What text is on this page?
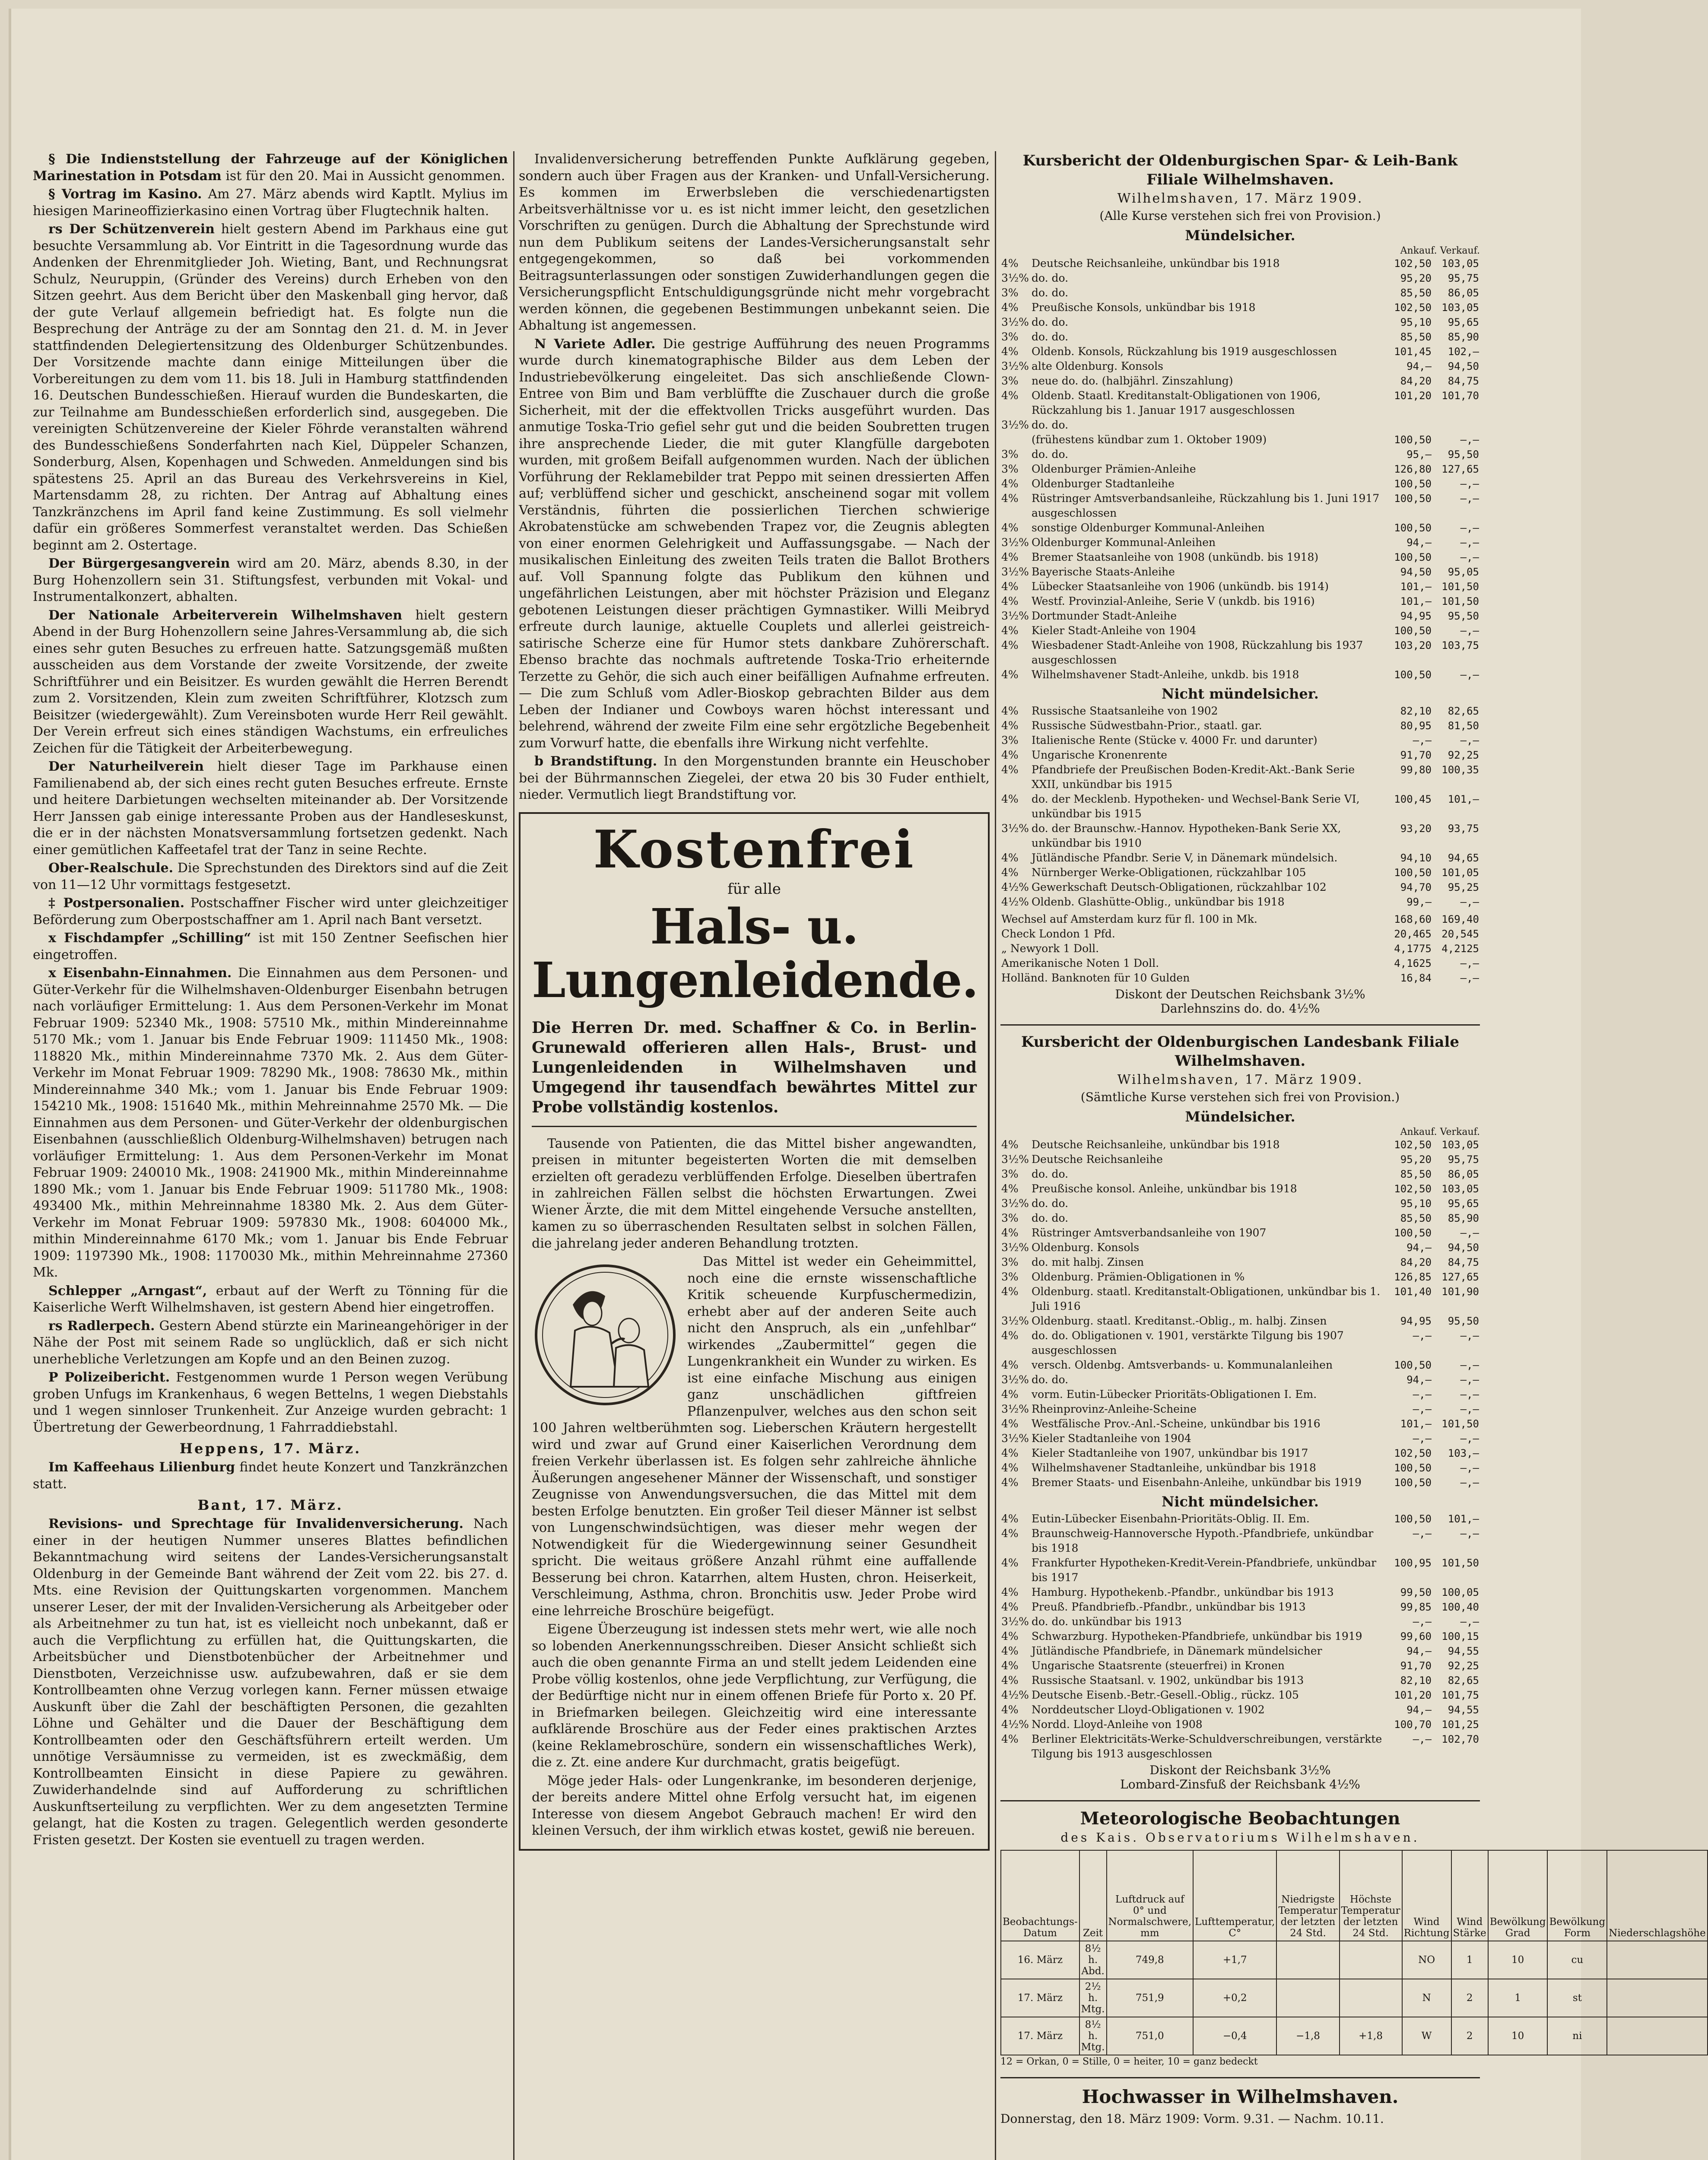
§ Die Indienststellung der Fahrzeuge auf der Königlichen Marinestation in Potsdam ist für den 20. Mai in Aussicht genommen.

§ Vortrag im Kasino. Am 27. März abends wird Kaptlt. Mylius im hiesigen Marineoffizierkasino einen Vortrag über Flugtechnik halten.

rs Der Schützenverein hielt gestern Abend im Parkhaus eine gut besuchte Versammlung ab. Vor Eintritt in die Tagesordnung wurde das Andenken der Ehrenmitglieder Joh. Wieting, Bant, und Rechnungsrat Schulz, Neuruppin, (Gründer des Vereins) durch Erheben von den Sitzen geehrt. Aus dem Bericht über den Maskenball ging hervor, daß der gute Verlauf allgemein befriedigt hat. Es folgte nun die Besprechung der Anträge zu der am Sonntag den 21. d. M. in Jever stattfindenden Delegiertensitzung des Oldenburger Schützenbundes. Der Vorsitzende machte dann einige Mitteilungen über die Vorbereitungen zu dem vom 11. bis 18. Juli in Hamburg stattfindenden 16. Deutschen Bundesschießen. Hierauf wurden die Bundeskarten, die zur Teilnahme am Bundesschießen erforderlich sind, ausgegeben. Die vereinigten Schützenvereine der Kieler Föhrde veranstalten während des Bundesschießens Sonderfahrten nach Kiel, Düppeler Schanzen, Sonderburg, Alsen, Kopenhagen und Schweden. Anmeldungen sind bis spätestens 25. April an das Bureau des Verkehrsvereins in Kiel, Martensdamm 28, zu richten. Der Antrag auf Abhaltung eines Tanzkränzchens im April fand keine Zustimmung. Es soll vielmehr dafür ein größeres Sommerfest veranstaltet werden. Das Schießen beginnt am 2. Ostertage.

Der Bürgergesangverein wird am 20. März, abends 8.30, in der Burg Hohenzollern sein 31. Stiftungsfest, verbunden mit Vokal- und Instrumentalkonzert, abhalten.

Der Nationale Arbeiterverein Wilhelmshaven hielt gestern Abend in der Burg Hohenzollern seine Jahres-Versammlung ab, die sich eines sehr guten Besuches zu erfreuen hatte. Satzungsgemäß mußten ausscheiden aus dem Vorstande der zweite Vorsitzende, der zweite Schriftführer und ein Beisitzer. Es wurden gewählt die Herren Berendt zum 2. Vorsitzenden, Klein zum zweiten Schriftführer, Klotzsch zum Beisitzer (wiedergewählt). Zum Vereinsboten wurde Herr Reil gewählt. Der Verein erfreut sich eines ständigen Wachstums, ein erfreuliches Zeichen für die Tätigkeit der Arbeiterbewegung.

Der Naturheilverein hielt dieser Tage im Parkhause einen Familienabend ab, der sich eines recht guten Besuches erfreute. Ernste und heitere Darbietungen wechselten miteinander ab. Der Vorsitzende Herr Janssen gab einige interessante Proben aus der Handleseskunst, die er in der nächsten Monatsversammlung fortsetzen gedenkt. Nach einer gemütlichen Kaffeetafel trat der Tanz in seine Rechte.

Ober-Realschule. Die Sprechstunden des Direktors sind auf die Zeit von 11—12 Uhr vormittags festgesetzt.

‡ Postpersonalien. Postschaffner Fischer wird unter gleichzeitiger Beförderung zum Oberpostschaffner am 1. April nach Bant versetzt.

x Fischdampfer „Schilling“ ist mit 150 Zentner Seefischen hier eingetroffen.

x Eisenbahn-Einnahmen. Die Einnahmen aus dem Personen- und Güter-Verkehr für die Wilhelmshaven-Oldenburger Eisenbahn betrugen nach vorläufiger Ermittelung: 1. Aus dem Personen-Verkehr im Monat Februar 1909: 52340 Mk., 1908: 57510 Mk., mithin Mindereinnahme 5170 Mk.; vom 1. Januar bis Ende Februar 1909: 111450 Mk., 1908: 118820 Mk., mithin Mindereinnahme 7370 Mk. 2. Aus dem Güter-Verkehr im Monat Februar 1909: 78290 Mk., 1908: 78630 Mk., mithin Mindereinnahme 340 Mk.; vom 1. Januar bis Ende Februar 1909: 154210 Mk., 1908: 151640 Mk., mithin Mehreinnahme 2570 Mk. — Die Einnahmen aus dem Personen- und Güter-Verkehr der oldenburgischen Eisenbahnen (ausschließlich Oldenburg-Wilhelmshaven) betrugen nach vorläufiger Ermittelung: 1. Aus dem Personen-Verkehr im Monat Februar 1909: 240010 Mk., 1908: 241900 Mk., mithin Mindereinnahme 1890 Mk.; vom 1. Januar bis Ende Februar 1909: 511780 Mk., 1908: 493400 Mk., mithin Mehreinnahme 18380 Mk. 2. Aus dem Güter-Verkehr im Monat Februar 1909: 597830 Mk., 1908: 604000 Mk., mithin Mindereinnahme 6170 Mk.; vom 1. Januar bis Ende Februar 1909: 1197390 Mk., 1908: 1170030 Mk., mithin Mehreinnahme 27360 Mk.

Schlepper „Arngast“, erbaut auf der Werft zu Tönning für die Kaiserliche Werft Wilhelmshaven, ist gestern Abend hier eingetroffen.

rs Radlerpech. Gestern Abend stürzte ein Marineangehöriger in der Nähe der Post mit seinem Rade so unglücklich, daß er sich nicht unerhebliche Verletzungen am Kopfe und an den Beinen zuzog.

P Polizeibericht. Festgenommen wurde 1 Person wegen Verübung groben Unfugs im Krankenhaus, 6 wegen Bettelns, 1 wegen Diebstahls und 1 wegen sinnloser Trunkenheit. Zur Anzeige wurden gebracht: 1 Übertretung der Gewerbeordnung, 1 Fahrraddiebstahl.

Heppens, 17. März.

Im Kaffeehaus Lilienburg findet heute Konzert und Tanzkränzchen statt.

Bant, 17. März.

Revisions- und Sprechtage für Invalidenversicherung. Nach einer in der heutigen Nummer unseres Blattes befindlichen Bekanntmachung wird seitens der Landes-Versicherungsanstalt Oldenburg in der Gemeinde Bant während der Zeit vom 22. bis 27. d. Mts. eine Revision der Quittungskarten vorgenommen. Manchem unserer Leser, der mit der Invaliden-Versicherung als Arbeitgeber oder als Arbeitnehmer zu tun hat, ist es vielleicht noch unbekannt, daß er auch die Verpflichtung zu erfüllen hat, die Quittungskarten, die Arbeitsbücher und Dienstbotenbücher der Arbeitnehmer und Dienstboten, Verzeichnisse usw. aufzubewahren, daß er sie dem Kontrollbeamten ohne Verzug vorlegen kann. Ferner müssen etwaige Auskunft über die Zahl der beschäftigten Personen, die gezahlten Löhne und Gehälter und die Dauer der Beschäftigung dem Kontrollbeamten oder den Geschäftsführern erteilt werden. Um unnötige Versäumnisse zu vermeiden, ist es zweckmäßig, dem Kontrollbeamten Einsicht in diese Papiere zu gewähren. Zuwiderhandelnde sind auf Aufforderung zu schriftlichen Auskunftserteilung zu verpflichten. Wer zu dem angesetzten Termine gelangt, hat die Kosten zu tragen. Gelegentlich werden gesonderte Fristen gesetzt. Der Kosten sie eventuell zu tragen werden.

Invalidenversicherung betreffenden Punkte Aufklärung gegeben, sondern auch über Fragen aus der Kranken- und Unfall-Versicherung. Es kommen im Erwerbsleben die verschiedenartigsten Arbeitsverhältnisse vor u. es ist nicht immer leicht, den gesetzlichen Vorschriften zu genügen. Durch die Abhaltung der Sprechstunde wird nun dem Publikum seitens der Landes-Versicherungsanstalt sehr entgegengekommen, so daß bei vorkommenden Beitragsunterlassungen oder sonstigen Zuwiderhandlungen gegen die Versicherungspflicht Entschuldigungsgründe nicht mehr vorgebracht werden können, die gegebenen Bestimmungen unbekannt seien. Die Abhaltung ist angemessen.

N Variete Adler. Die gestrige Aufführung des neuen Programms wurde durch kinematographische Bilder aus dem Leben der Industriebevölkerung eingeleitet. Das sich anschließende Clown-Entree von Bim und Bam verblüffte die Zuschauer durch die große Sicherheit, mit der die effektvollen Tricks ausgeführt wurden. Das anmutige Toska-Trio gefiel sehr gut und die beiden Soubretten trugen ihre ansprechende Lieder, die mit guter Klangfülle dargeboten wurden, mit großem Beifall aufgenommen wurden. Nach der üblichen Vorführung der Reklamebilder trat Peppo mit seinen dressierten Affen auf; verblüffend sicher und geschickt, anscheinend sogar mit vollem Verständnis, führten die possierlichen Tierchen schwierige Akrobatenstücke am schwebenden Trapez vor, die Zeugnis ablegten von einer enormen Gelehrigkeit und Auffassungsgabe. — Nach der musikalischen Einleitung des zweiten Teils traten die Ballot Brothers auf. Voll Spannung folgte das Publikum den kühnen und ungefährlichen Leistungen, aber mit höchster Präzision und Eleganz gebotenen Leistungen dieser prächtigen Gymnastiker. Willi Meibryd erfreute durch launige, aktuelle Couplets und allerlei geistreich-satirische Scherze eine für Humor stets dankbare Zuhörerschaft. Ebenso brachte das nochmals auftretende Toska-Trio erheiternde Terzette zu Gehör, die sich auch einer beifälligen Aufnahme erfreuten. — Die zum Schluß vom Adler-Bioskop gebrachten Bilder aus dem Leben der Indianer und Cowboys waren höchst interessant und belehrend, während der zweite Film eine sehr ergötzliche Begebenheit zum Vorwurf hatte, die ebenfalls ihre Wirkung nicht verfehlte.

b Brandstiftung. In den Morgenstunden brannte ein Heuschober bei der Bührmannschen Ziegelei, der etwa 20 bis 30 Fuder enthielt, nieder. Vermutlich liegt Brandstiftung vor.

Kostenfrei
für alle
Hals- u. Lungenleidende.
Die Herren Dr. med. Schaffner & Co. in Berlin-Grunewald offerieren allen Hals-, Brust- und Lungenleidenden in Wilhelmshaven und Umgegend ihr tausendfach bewährtes Mittel zur Probe vollständig kostenlos.

Tausende von Patienten, die das Mittel bisher angewandten, preisen in mitunter begeisterten Worten die mit demselben erzielten oft geradezu verblüffenden Erfolge. Dieselben übertrafen in zahlreichen Fällen selbst die höchsten Erwartungen. Zwei Wiener Ärzte, die mit dem Mittel eingehende Versuche anstellten, kamen zu so überraschenden Resultaten selbst in solchen Fällen, die jahrelang jeder anderen Behandlung trotzten.

Das Mittel ist weder ein Geheimmittel, noch eine die ernste wissenschaftliche Kritik scheuende Kurpfuschermedizin, erhebt aber auf der anderen Seite auch nicht den Anspruch, als ein „unfehlbar“ wirkendes „Zaubermittel“ gegen die Lungenkrankheit ein Wunder zu wirken. Es ist eine einfache Mischung aus einigen ganz unschädlichen giftfreien Pflanzenpulver, welches aus den schon seit 100 Jahren weltberühmten sog. Lieberschen Kräutern hergestellt wird und zwar auf Grund einer Kaiserlichen Verordnung dem freien Verkehr überlassen ist. Es folgen sehr zahlreiche ähnliche Äußerungen angesehener Männer der Wissenschaft, und sonstiger Zeugnisse von Anwendungsversuchen, die das Mittel mit dem besten Erfolge benutzten. Ein großer Teil dieser Männer ist selbst von Lungenschwindsüchtigen, was dieser mehr wegen der Notwendigkeit für die Wiedergewinnung seiner Gesundheit spricht. Die weitaus größere Anzahl rühmt eine auffallende Besserung bei chron. Katarrhen, altem Husten, chron. Heiserkeit, Verschleimung, Asthma, chron. Bronchitis usw. Jeder Probe wird eine lehrreiche Broschüre beigefügt.

Eigene Überzeugung ist indessen stets mehr wert, wie alle noch so lobenden Anerkennungsschreiben. Dieser Ansicht schließt sich auch die oben genannte Firma an und stellt jedem Leidenden eine Probe völlig kostenlos, ohne jede Verpflichtung, zur Verfügung, die der Bedürftige nicht nur in einem offenen Briefe für Porto x. 20 Pf. in Briefmarken beilegen. Gleichzeitig wird eine interessante aufklärende Broschüre aus der Feder eines praktischen Arztes (keine Reklamebroschüre, sondern ein wissenschaftliches Werk), die z. Zt. eine andere Kur durchmacht, gratis beigefügt.

Möge jeder Hals- oder Lungenkranke, im besonderen derjenige, der bereits andere Mittel ohne Erfolg versucht hat, im eigenen Interesse von diesem Angebot Gebrauch machen! Er wird den kleinen Versuch, der ihm wirklich etwas kostet, gewiß nie bereuen.

Kursbericht der Oldenburgischen Spar- & Leih-Bank Filiale Wilhelmshaven.
Wilhelmshaven, 17. März 1909.
(Alle Kurse verstehen sich frei von Provision.)
Mündelsicher.
Ankauf. Verkauf.
4%	Deutsche Reichsanleihe, unkündbar bis 1918	102,50	103,05
3½%	do. do.	95,20	95,75
3%	do. do.	85,50	86,05
4%	Preußische Konsols, unkündbar bis 1918	102,50	103,05
3½%	do. do.	95,10	95,65
3%	do. do.	85,50	85,90
4%	Oldenb. Konsols, Rückzahlung bis 1919 ausgeschlossen	101,45	102,—
3½%	alte Oldenburg. Konsols	94,—	94,50
3%	neue do. do. (halbjährl. Zinszahlung)	84,20	84,75
4%	Oldenb. Staatl. Kreditanstalt-Obligationen von 1906, Rückzahlung bis 1. Januar 1917 ausgeschlossen	101,20	101,70
3½%	do. do.		
	(frühestens kündbar zum 1. Oktober 1909)	100,50	—,—
3%	do. do.	95,—	95,50
3%	Oldenburger Prämien-Anleihe	126,80	127,65
4%	Oldenburger Stadtanleihe	100,50	—,—
4%	Rüstringer Amtsverbandsanleihe, Rückzahlung bis 1. Juni 1917 ausgeschlossen	100,50	—,—
4%	sonstige Oldenburger Kommunal-Anleihen	100,50	—,—
3½%	Oldenburger Kommunal-Anleihen	94,—	—,—
4%	Bremer Staatsanleihe von 1908 (unkündb. bis 1918)	100,50	—,—
3½%	Bayerische Staats-Anleihe	94,50	95,05
4%	Lübecker Staatsanleihe von 1906 (unkündb. bis 1914)	101,—	101,50
4%	Westf. Provinzial-Anleihe, Serie V (unkdb. bis 1916)	101,—	101,50
3½%	Dortmunder Stadt-Anleihe	94,95	95,50
4%	Kieler Stadt-Anleihe von 1904	100,50	—,—
4%	Wiesbadener Stadt-Anleihe von 1908, Rückzahlung bis 1937 ausgeschlossen	103,20	103,75
4%	Wilhelmshavener Stadt-Anleihe, unkdb. bis 1918	100,50	—,—
Nicht mündelsicher.
4%	Russische Staatsanleihe von 1902	82,10	82,65
4%	Russische Südwestbahn-Prior., staatl. gar.	80,95	81,50
3%	Italienische Rente (Stücke v. 4000 Fr. und darunter)	—,—	—,—
4%	Ungarische Kronenrente	91,70	92,25
4%	Pfandbriefe der Preußischen Boden-Kredit-Akt.-Bank Serie XXII, unkündbar bis 1915	99,80	100,35
4%	do. der Mecklenb. Hypotheken- und Wechsel-Bank Serie VI, unkündbar bis 1915	100,45	101,—
3½%	do. der Braunschw.-Hannov. Hypotheken-Bank Serie XX, unkündbar bis 1910	93,20	93,75
4%	Jütländische Pfandbr. Serie V, in Dänemark mündelsich.	94,10	94,65
4%	Nürnberger Werke-Obligationen, rückzahlbar 105	100,50	101,05
4½%	Gewerkschaft Deutsch-Obligationen, rückzahlbar 102	94,70	95,25
4½%	Oldenb. Glashütte-Oblig., unkündbar bis 1918	99,—	—,—
Wechsel auf Amsterdam kurz für fl. 100 in Mk.	168,60	169,40
Check London 1 Pfd.	20,465	20,545
„ Newyork 1 Doll.	4,1775	4,2125
Amerikanische Noten 1 Doll.	4,1625	—,—
Holländ. Banknoten für 10 Gulden	16,84	—,—
Diskont der Deutschen Reichsbank 3½%
Darlehnszins do. do. 4½%
Kursbericht der Oldenburgischen Landesbank Filiale Wilhelmshaven.
Wilhelmshaven, 17. März 1909.
(Sämtliche Kurse verstehen sich frei von Provision.)
Mündelsicher.
Ankauf. Verkauf.
4%	Deutsche Reichsanleihe, unkündbar bis 1918	102,50	103,05
3½%	Deutsche Reichsanleihe	95,20	95,75
3%	do. do.	85,50	86,05
4%	Preußische konsol. Anleihe, unkündbar bis 1918	102,50	103,05
3½%	do. do.	95,10	95,65
3%	do. do.	85,50	85,90
4%	Rüstringer Amtsverbandsanleihe von 1907	100,50	—,—
3½%	Oldenburg. Konsols	94,—	94,50
3%	do. mit halbj. Zinsen	84,20	84,75
3%	Oldenburg. Prämien-Obligationen in %	126,85	127,65
4%	Oldenburg. staatl. Kreditanstalt-Obligationen, unkündbar bis 1. Juli 1916	101,40	101,90
3½%	Oldenburg. staatl. Kreditanst.-Oblig., m. halbj. Zinsen	94,95	95,50
4%	do. do. Obligationen v. 1901, verstärkte Tilgung bis 1907 ausgeschlossen	—,—	—,—
4%	versch. Oldenbg. Amtsverbands- u. Kommunalanleihen	100,50	—,—
3½%	do. do.	94,—	—,—
4%	vorm. Eutin-Lübecker Prioritäts-Obligationen I. Em.	—,—	—,—
3½%	Rheinprovinz-Anleihe-Scheine	—,—	—,—
4%	Westfälische Prov.-Anl.-Scheine, unkündbar bis 1916	101,—	101,50
3½%	Kieler Stadtanleihe von 1904	—,—	—,—
4%	Kieler Stadtanleihe von 1907, unkündbar bis 1917	102,50	103,—
4%	Wilhelmshavener Stadtanleihe, unkündbar bis 1918	100,50	—,—
4%	Bremer Staats- und Eisenbahn-Anleihe, unkündbar bis 1919	100,50	—,—
Nicht mündelsicher.
4%	Eutin-Lübecker Eisenbahn-Prioritäts-Oblig. II. Em.	100,50	101,—
4%	Braunschweig-Hannoversche Hypoth.-Pfandbriefe, unkündbar bis 1918	—,—	—,—
4%	Frankfurter Hypotheken-Kredit-Verein-Pfandbriefe, unkündbar bis 1917	100,95	101,50
4%	Hamburg. Hypothekenb.-Pfandbr., unkündbar bis 1913	99,50	100,05
4%	Preuß. Pfandbriefb.-Pfandbr., unkündbar bis 1913	99,85	100,40
3½%	do. do. unkündbar bis 1913	—,—	—,—
4%	Schwarzburg. Hypotheken-Pfandbriefe, unkündbar bis 1919	99,60	100,15
4%	Jütländische Pfandbriefe, in Dänemark mündelsicher	94,—	94,55
4%	Ungarische Staatsrente (steuerfrei) in Kronen	91,70	92,25
4%	Russische Staatsanl. v. 1902, unkündbar bis 1913	82,10	82,65
4½%	Deutsche Eisenb.-Betr.-Gesell.-Oblig., rückz. 105	101,20	101,75
4%	Norddeutscher Lloyd-Obligationen v. 1902	94,—	94,55
4½%	Nordd. Lloyd-Anleihe von 1908	100,70	101,25
4%	Berliner Elektricitäts-Werke-Schuldverschreibungen, verstärkte Tilgung bis 1913 ausgeschlossen	—,—	102,70
Diskont der Reichsbank 3½%
Lombard-Zinsfuß der Reichsbank 4½%
Meteorologische Beobachtungen
des Kais. Observatoriums Wilhelmshaven.
Beobachtungs- Datum	Zeit	Luftdruck auf 0° und Normalschwere, mm	Lufttemperatur, C°	Niedrigste Temperatur der letzten 24 Std.	Höchste Temperatur der letzten 24 Std.	Wind Richtung	Wind Stärke	Bewölkung Grad	Bewölkung Form	Niederschlagshöhe
16. März	8½ h. Abd.	749,8	+1,7			NO	1	10	cu	
17. März	2½ h. Mtg.	751,9	+0,2			N	2	1	st	
17. März	8½ h. Mtg.	751,0	−0,4	−1,8	+1,8	W	2	10	ni	
12 = Orkan, 0 = Stille, 0 = heiter, 10 = ganz bedeckt
Hochwasser in Wilhelmshaven.
Donnerstag, den 18. März 1909: Vorm. 9.31. — Nachm. 10.11.
